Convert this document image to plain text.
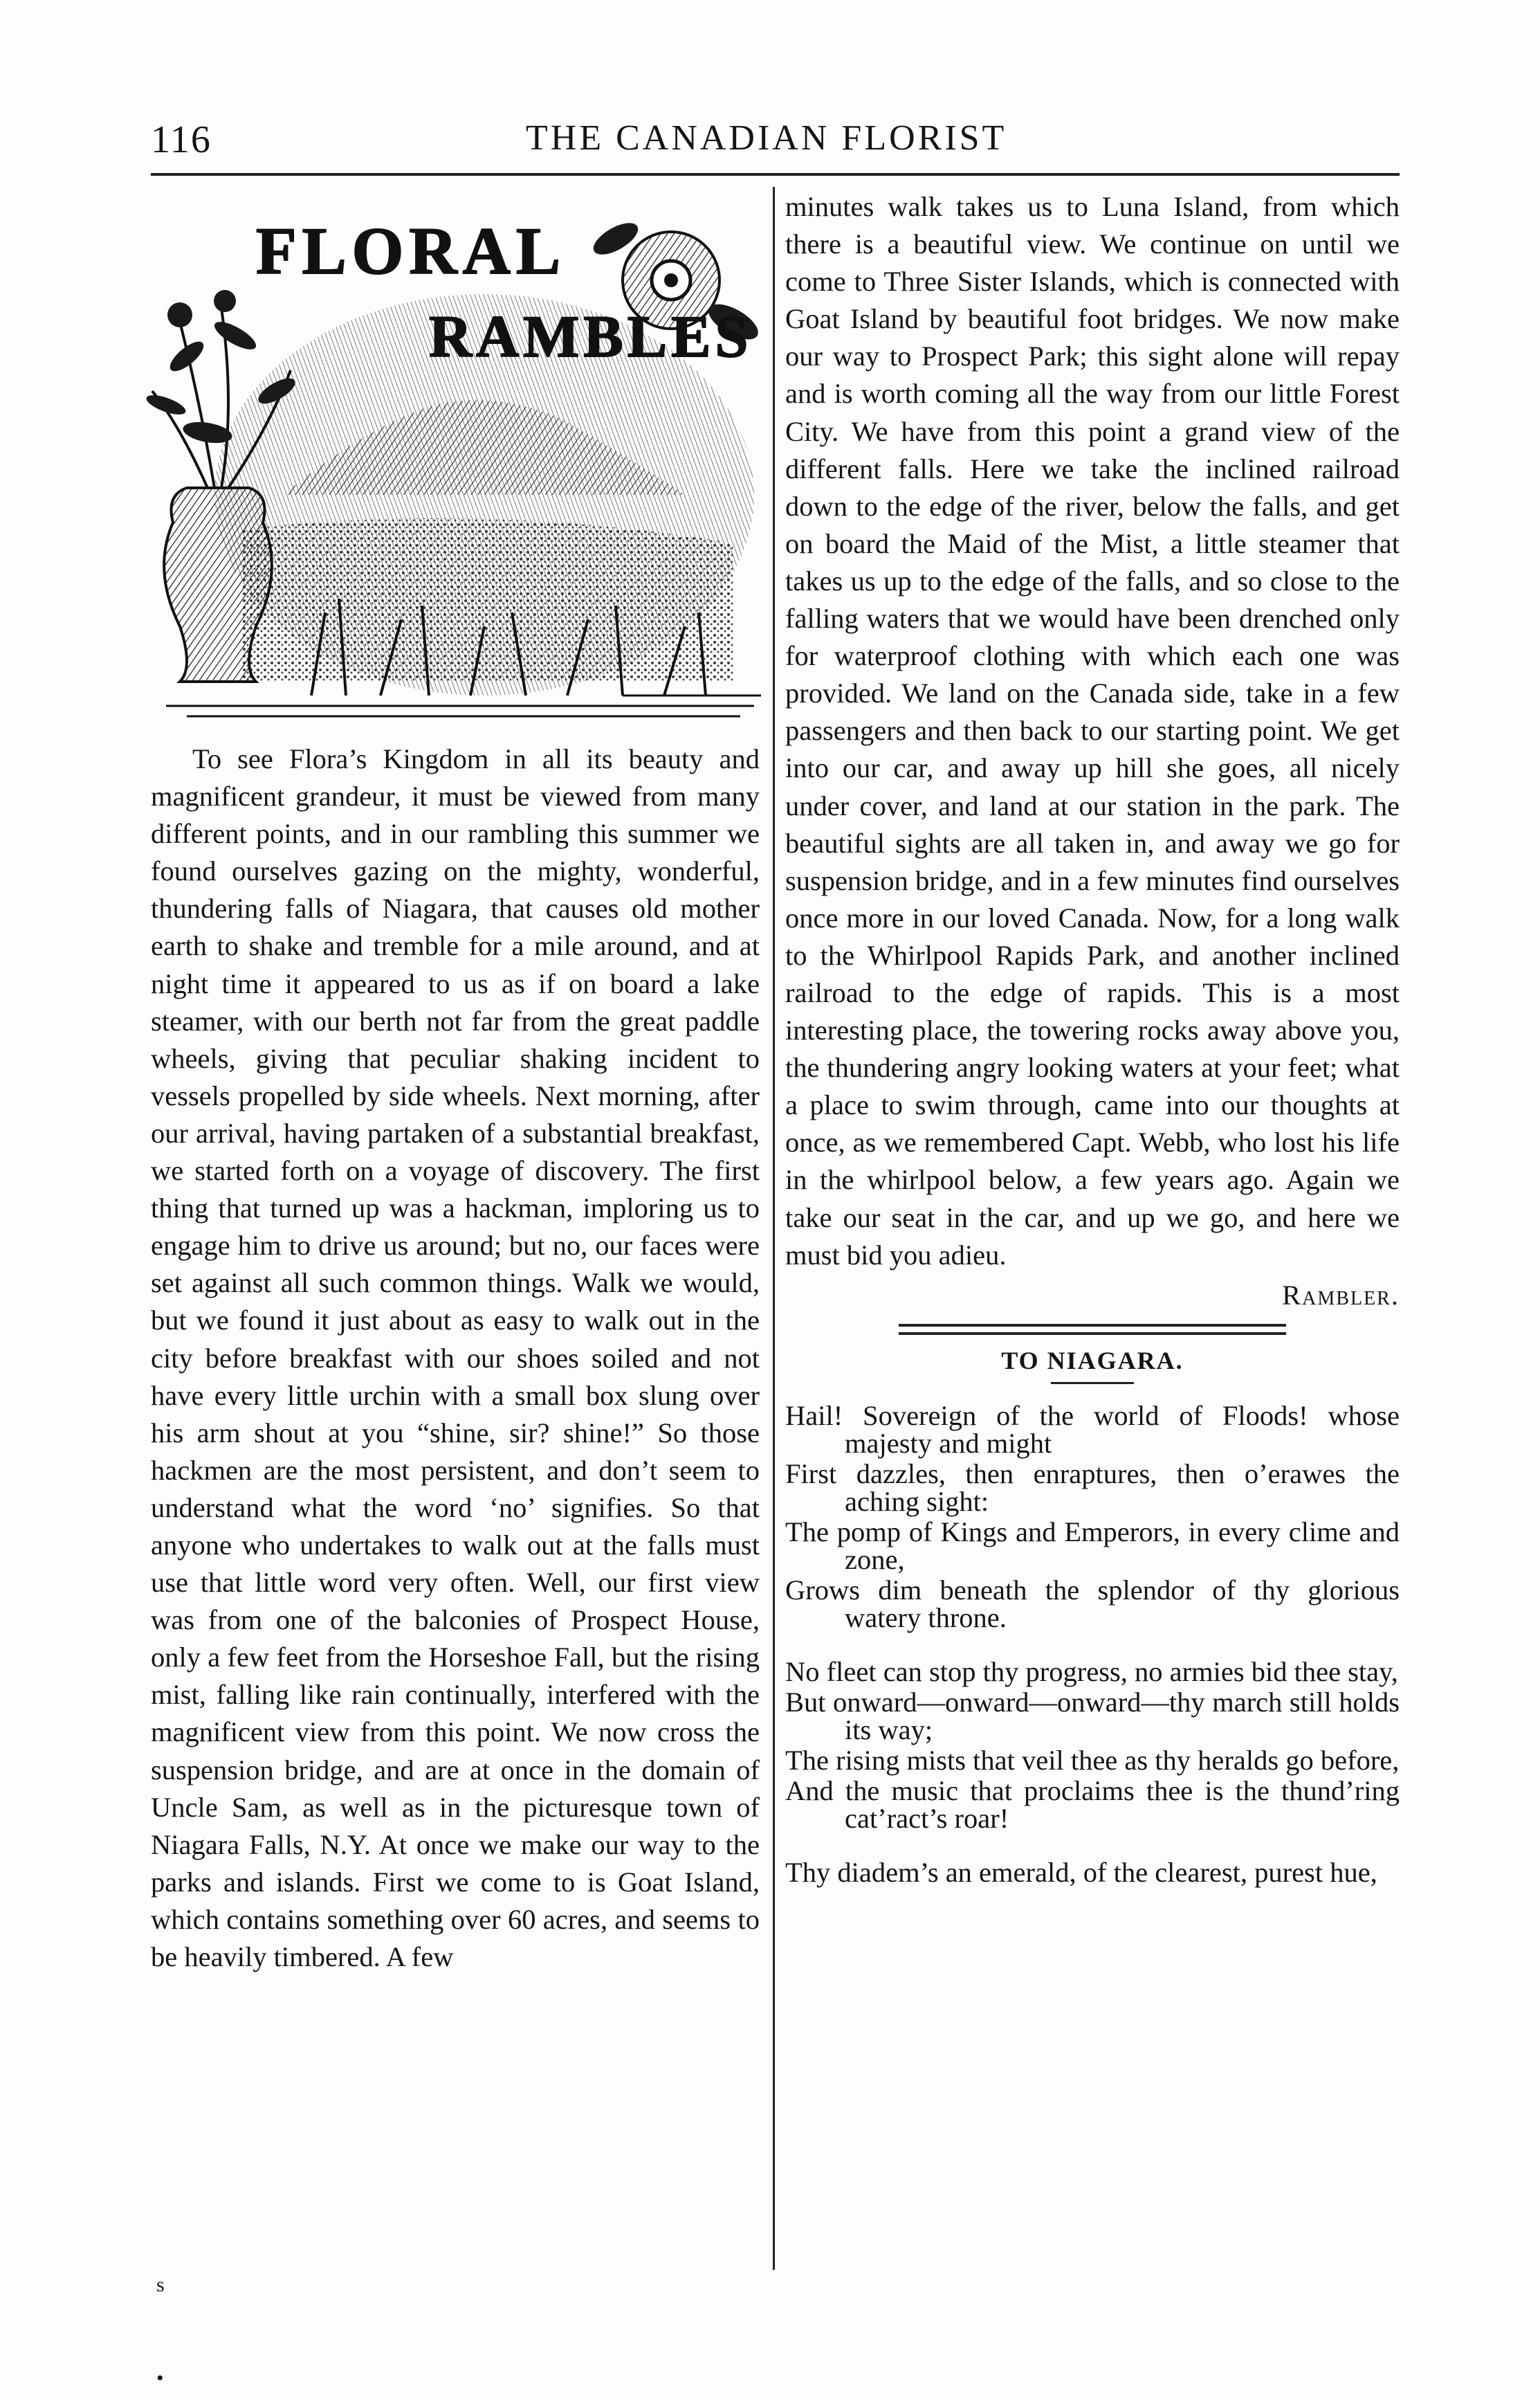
116	THE CANADIAN FLORIST
FLORAL
RAMBLES

To see Flora’s Kingdom in all its beauty and magnificent grandeur, it must be viewed from many different points, and in our rambling this summer we found ourselves gazing on the mighty, wonderful, thundering falls of Niagara, that causes old mother earth to shake and tremble for a mile around, and at night time it appeared to us as if on board a lake steamer, with our berth not far from the great paddle wheels, giving that peculiar shaking incident to vessels propelled by side wheels. Next morning, after our arrival, having partaken of a substantial breakfast, we started forth on a voyage of discovery. The first thing that turned up was a hackman, imploring us to engage him to drive us around; but no, our faces were set against all such common things. Walk we would, but we found it just about as easy to walk out in the city before breakfast with our shoes soiled and not have every little urchin with a small box slung over his arm shout at you “shine, sir? shine!” So those hackmen are the most persistent, and don’t seem to understand what the word ‘no’ signifies. So that anyone who undertakes to walk out at the falls must use that little word very often. Well, our first view was from one of the balconies of Prospect House, only a few feet from the Horseshoe Fall, but the rising mist, falling like rain continually, interfered with the magnificent view from this point. We now cross the suspension bridge, and are at once in the domain of Uncle Sam, as well as in the picturesque town of Niagara Falls, N.Y. At once we make our way to the parks and islands. First we come to is Goat Island, which contains something over 60 acres, and seems to be heavily timbered. A few

minutes walk takes us to Luna Island, from which there is a beautiful view. We continue on until we come to Three Sister Islands, which is connected with Goat Island by beautiful foot bridges. We now make our way to Prospect Park; this sight alone will repay and is worth coming all the way from our little Forest City. We have from this point a grand view of the different falls. Here we take the inclined railroad down to the edge of the river, below the falls, and get on board the Maid of the Mist, a little steamer that takes us up to the edge of the falls, and so close to the falling waters that we would have been drenched only for waterproof clothing with which each one was provided. We land on the Canada side, take in a few passengers and then back to our starting point. We get into our car, and away up hill she goes, all nicely under cover, and land at our station in the park. The beautiful sights are all taken in, and away we go for suspension bridge, and in a few minutes find ourselves once more in our loved Canada. Now, for a long walk to the Whirlpool Rapids Park, and another inclined railroad to the edge of rapids. This is a most interesting place, the towering rocks away above you, the thundering angry looking waters at your feet; what a place to swim through, came into our thoughts at once, as we remembered Capt. Webb, who lost his life in the whirlpool below, a few years ago. Again we take our seat in the car, and up we go, and here we must bid you adieu.

Rambler.

TO NIAGARA.

Hail! Sovereign of the world of Floods! whose majesty and might

First dazzles, then enraptures, then o’erawes the aching sight:

The pomp of Kings and Emperors, in every clime and zone,

Grows dim beneath the splendor of thy glorious watery throne.

No fleet can stop thy progress, no armies bid thee stay,

But onward—onward—onward—thy march still holds its way;

The rising mists that veil thee as thy heralds go before,

And the music that proclaims thee is the thund’ring cat’ract’s roar!

Thy diadem’s an emerald, of the clearest, purest hue,

s
•
